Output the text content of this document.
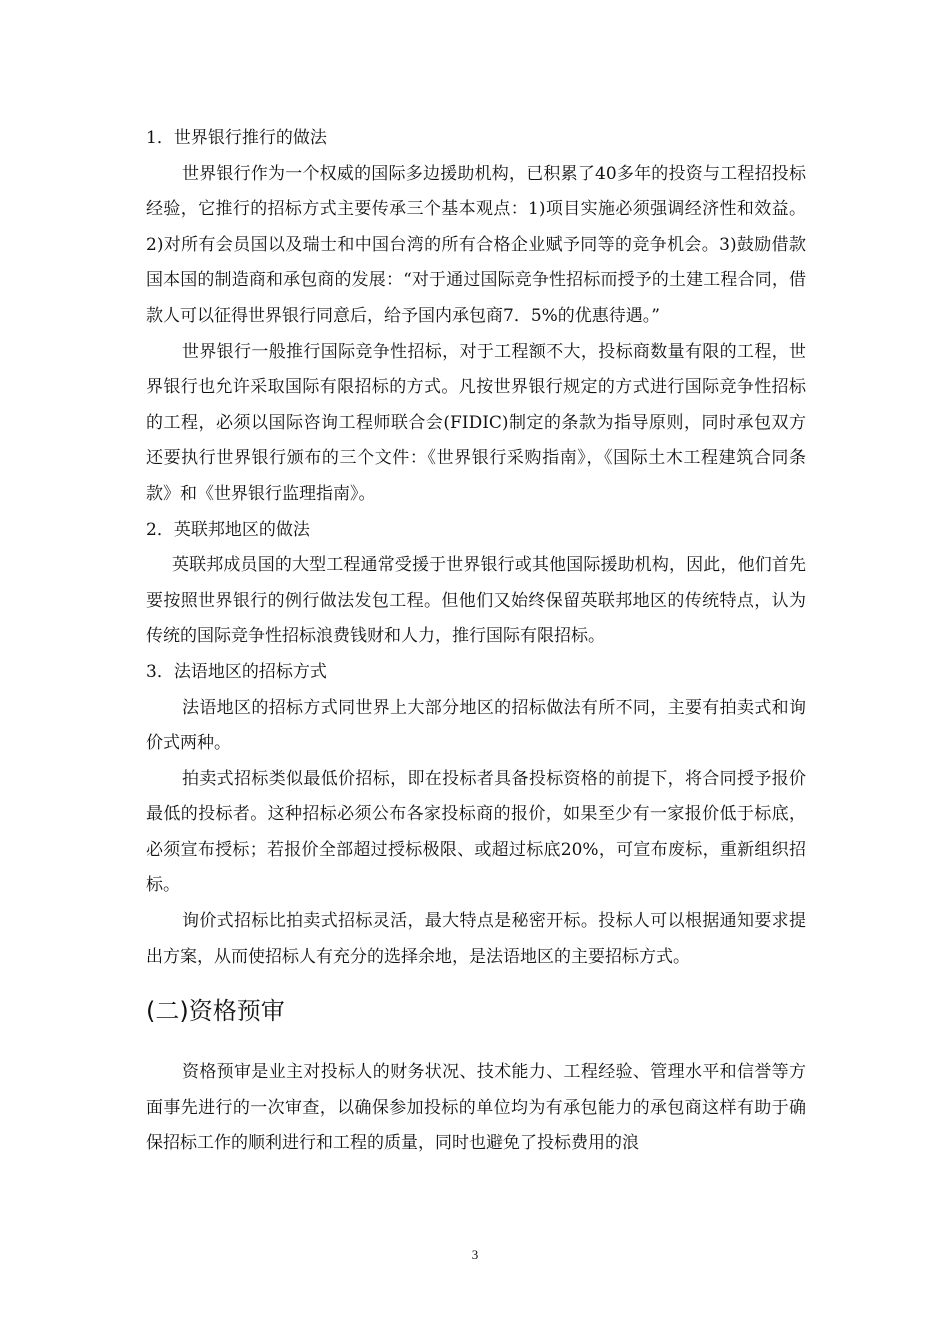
1．世界银行推行的做法

世界银行作为一个权威的国际多边援助机构，已积累了40多年的投资与工程招投标经验，它推行的招标方式主要传承三个基本观点：1)项目实施必须强调经济性和效益。2)对所有会员国以及瑞士和中国台湾的所有合格企业赋予同等的竞争机会。3)鼓励借款国本国的制造商和承包商的发展：“对于通过国际竞争性招标而授予的土建工程合同，借款人可以征得世界银行同意后，给予国内承包商7．5%的优惠待遇。”

世界银行一般推行国际竞争性招标，对于工程额不大，投标商数量有限的工程，世界银行也允许采取国际有限招标的方式。凡按世界银行规定的方式进行国际竞争性招标的工程，必须以国际咨询工程师联合会(FIDIC)制定的条款为指导原则，同时承包双方还要执行世界银行颁布的三个文件：《世界银行采购指南》，《国际土木工程建筑合同条款》和《世界银行监理指南》。

2．英联邦地区的做法

英联邦成员国的大型工程通常受援于世界银行或其他国际援助机构，因此，他们首先要按照世界银行的例行做法发包工程。但他们又始终保留英联邦地区的传统特点，认为传统的国际竞争性招标浪费钱财和人力，推行国际有限招标。

3．法语地区的招标方式

法语地区的招标方式同世界上大部分地区的招标做法有所不同，主要有拍卖式和询价式两种。

拍卖式招标类似最低价招标，即在投标者具备投标资格的前提下，将合同授予报价最低的投标者。这种招标必须公布各家投标商的报价，如果至少有一家报价低于标底，必须宣布授标；若报价全部超过授标极限、或超过标底20%，可宣布废标，重新组织招标。

询价式招标比拍卖式招标灵活，最大特点是秘密开标。投标人可以根据通知要求提出方案，从而使招标人有充分的选择余地，是法语地区的主要招标方式。

(二)资格预审

资格预审是业主对投标人的财务状况、技术能力、工程经验、管理水平和信誉等方面事先进行的一次审查，以确保参加投标的单位均为有承包能力的承包商这样有助于确保招标工作的顺利进行和工程的质量，同时也避免了投标费用的浪

3
